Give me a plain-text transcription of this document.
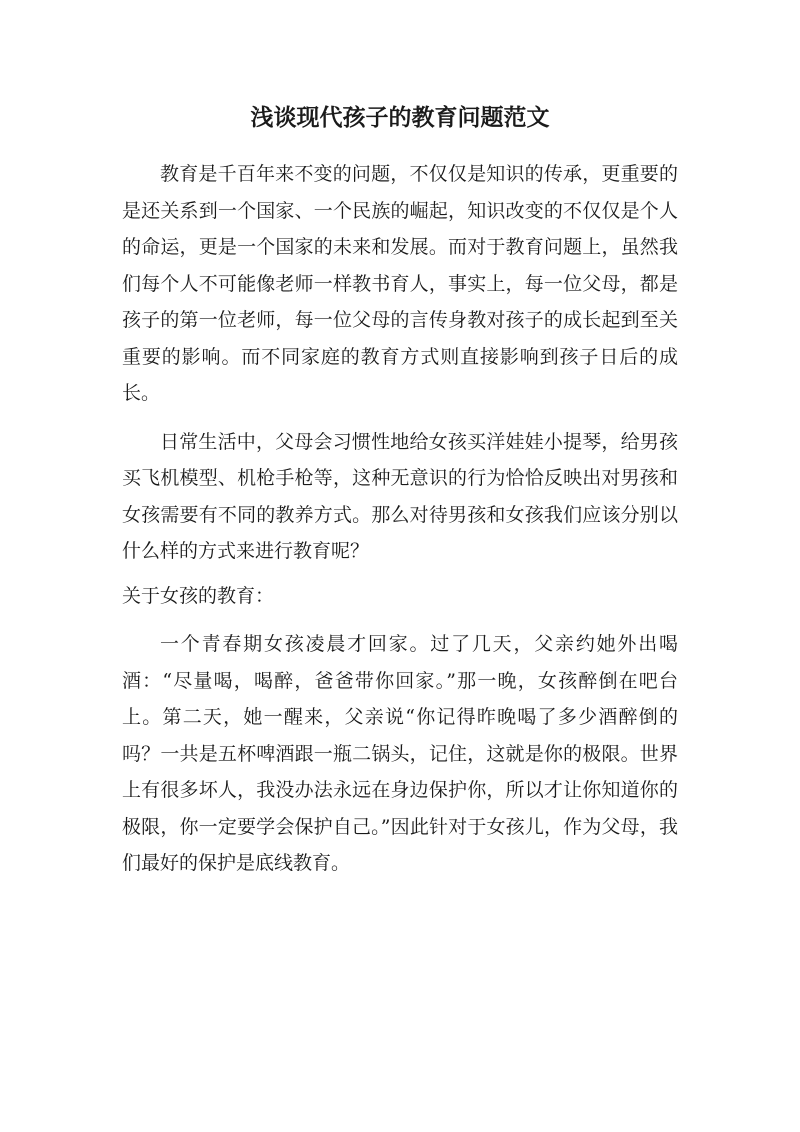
浅谈现代孩子的教育问题范文

教育是千百年来不变的问题，不仅仅是知识的传承，更重要的是还关系到一个国家、一个民族的崛起，知识改变的不仅仅是个人的命运，更是一个国家的未来和发展。而对于教育问题上，虽然我们每个人不可能像老师一样教书育人，事实上，每一位父母，都是孩子的第一位老师，每一位父母的言传身教对孩子的成长起到至关重要的影响。而不同家庭的教育方式则直接影响到孩子日后的成长。

日常生活中，父母会习惯性地给女孩买洋娃娃小提琴，给男孩买飞机模型、机枪手枪等，这种无意识的行为恰恰反映出对男孩和女孩需要有不同的教养方式。那么对待男孩和女孩我们应该分别以什么样的方式来进行教育呢？

关于女孩的教育：

一个青春期女孩凌晨才回家。过了几天，父亲约她外出喝酒：“尽量喝，喝醉，爸爸带你回家。”那一晚，女孩醉倒在吧台上。第二天，她一醒来，父亲说“你记得昨晚喝了多少酒醉倒的吗？一共是五杯啤酒跟一瓶二锅头，记住，这就是你的极限。世界上有很多坏人，我没办法永远在身边保护你，所以才让你知道你的极限，你一定要学会保护自己。”因此针对于女孩儿，作为父母，我们最好的保护是底线教育。
